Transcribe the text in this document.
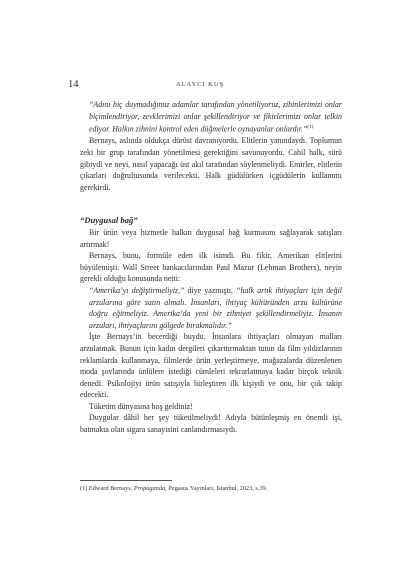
14	ALAYCI KUŞ

“Adını hiç duymadığımız adamlar tarafından yönetiliyoruz, zihinlerimizi onlar biçimlendiriyor, zevklerimizi onlar şekillendiriyor ve fikirlerimizi onlar telkin ediyor. Halkın zihnini kontrol eden düğmelerle oynayanlar onlardır.”$^{(1)}$

Bernays, aslında oldukça dürüst davranıyordu. Elitlerin yanındaydı. Toplumun zeki bir grup tarafından yönetilmesi gerektiğini savunuyordu. Cahil halk, sürü gibiydi ve neyi, nasıl yapacağı üst akıl tarafından söylenmeliydi. Emirler, elitlerin çıkarları doğrultusunda verilecekti. Halk güdülürken içgüdülerin kullanımı gerekirdi.

“Duygusal bağ”

Bir ürün veya hizmetle halkın duygusal bağ kurmasını sağlayarak satışları artırmak!

Bernays, bunu, formüle eden ilk isimdi. Bu fikir, Amerikan elitlerini büyülemişti. Wall Street bankacılarından Paul Mazur (Lehman Brothers), neyin gerekli olduğu konusunda netti:

“Amerika’yı değiştirmeliyiz,” diye yazmıştı, “halk artık ihtiyaçları için değil arzularına göre satın almalı. İnsanları, ihtiyaç kültüründen arzu kültürüne doğru eğitmeliyiz. Amerika’da yeni bir zihniyet şekillendirmeliyiz. İnsanın arzuları, ihtiyaçlarını gölgede bırakmalıdır.”

İşte Bernays’in becerdiği buydu. İnsanlara ihtiyaçları olmayan malları arzulatmak. Bunun için kadın dergileri çıkarttırmaktan tutun da film yıldızlarının reklamlarda kullanmaya, filmlerde ürün yerleştirmeye, mağazalarda düzenlenen moda şovlarında ünlülere istediği cümleleri tekrarlatmaya kadar birçok teknik denedi. Psikolojiyi ürün satışıyla birleştiren ilk kişiydi ve onu, bir çok takip edecekti.

Tüketim dünyasına hoş geldiniz!

Duygular dâhil her şey tüketilmeliydi! Adıyla bütünleşmiş en önemli işi, batmakta olan sigara sanayisini canlandırmasıydı.

(1) Edward Bernays, Propaganda, Pegasus Yayınları, İstanbul, 2023, s.39.
